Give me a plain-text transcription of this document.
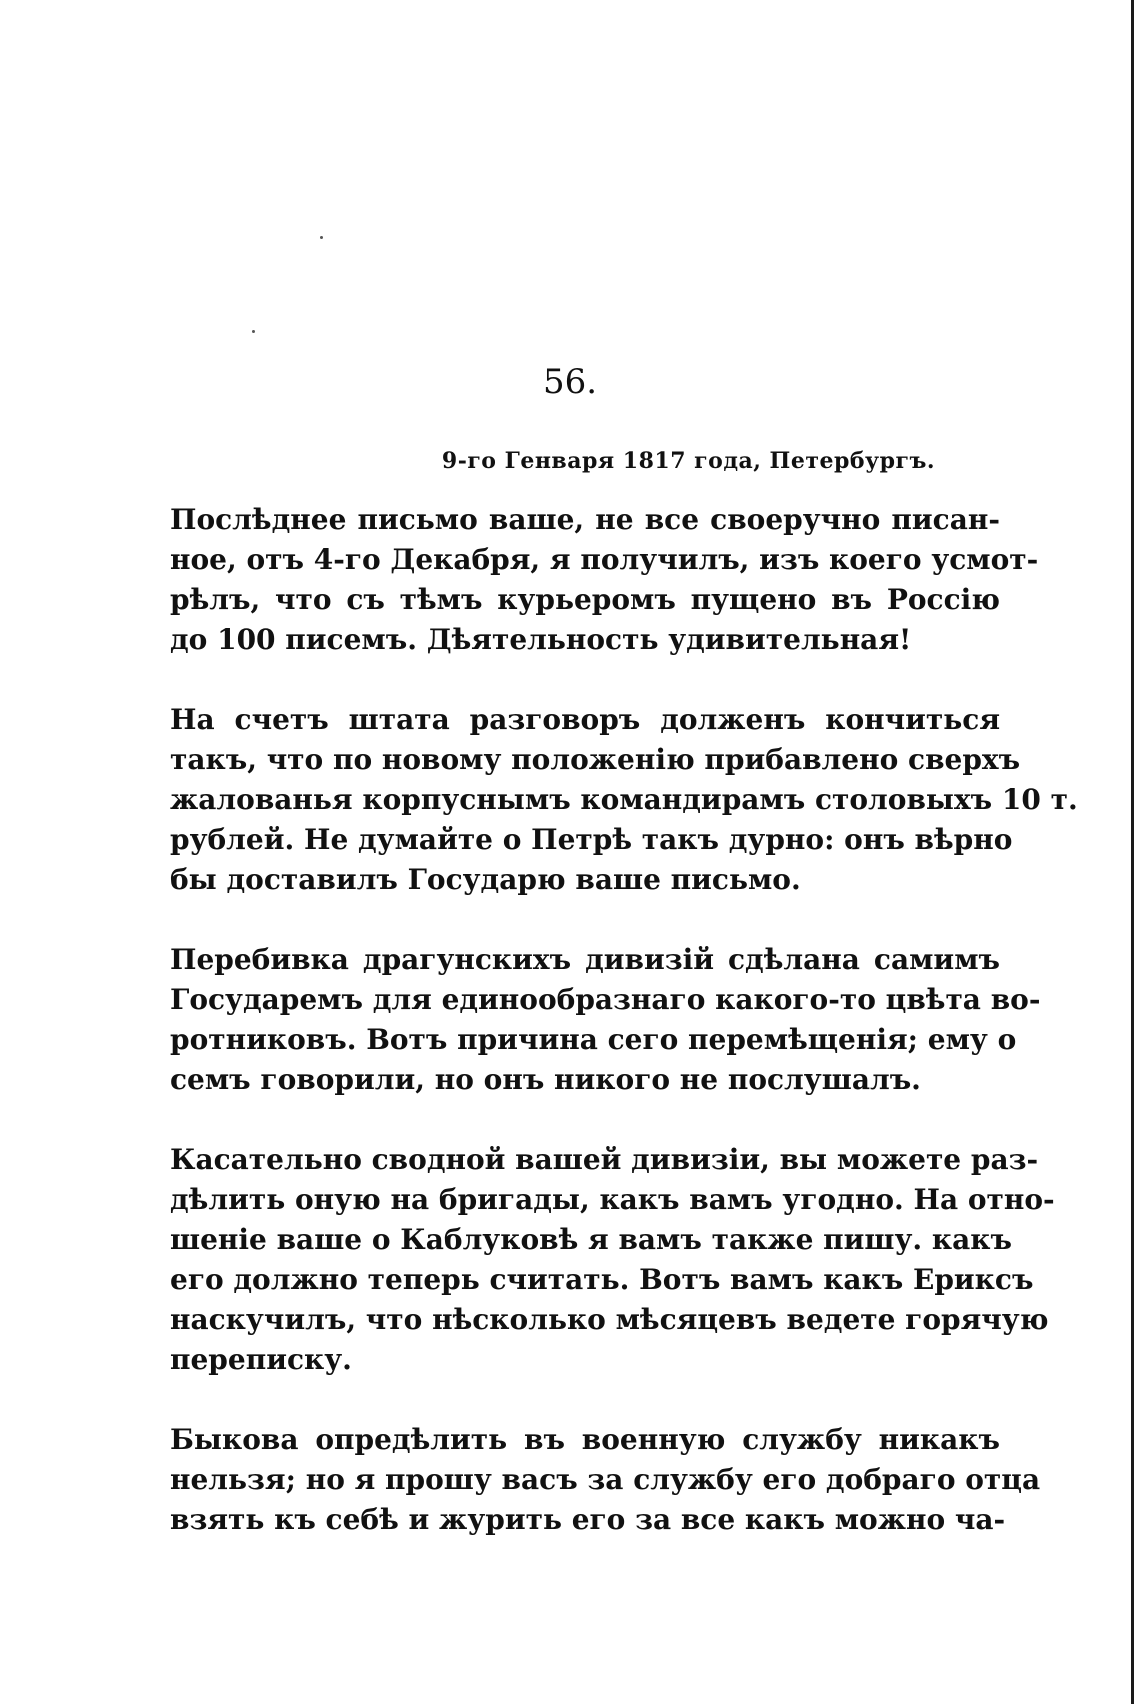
56.
9-го Генваря 1817 года, Петербургъ.

Послѣднее письмо ваше, не все своеручно писан-
ное, отъ 4-го Декабря, я получилъ, изъ коего усмот-
рѣлъ, что съ тѣмъ курьеромъ пущено въ Россію
до 100 писемъ. Дѣятельность удивительная!

На счетъ штата разговоръ долженъ кончиться
такъ, что по новому положенію прибавлено сверхъ
жалованья корпуснымъ командирамъ столовыхъ 10 т.
рублей. Не думайте о Петрѣ такъ дурно: онъ вѣрно
бы доставилъ Государю ваше письмо.

Перебивка драгунскихъ дивизій сдѣлана самимъ
Государемъ для единообразнаго какого-то цвѣта во-
ротниковъ. Вотъ причина сего перемѣщенія; ему о
семъ говорили, но онъ никого не послушалъ.

Касательно сводной вашей дивизіи, вы можете раз-
дѣлить оную на бригады, какъ вамъ угодно. На отно-
шеніе ваше о Каблуковѣ я вамъ также пишу. какъ
его должно теперь считать. Вотъ вамъ какъ Ериксъ
наскучилъ, что нѣсколько мѣсяцевъ ведете горячую
переписку.

Быкова опредѣлить въ военную службу никакъ
нельзя; но я прошу васъ за службу его добраго отца
взять къ себѣ и журить его за все какъ можно ча-
